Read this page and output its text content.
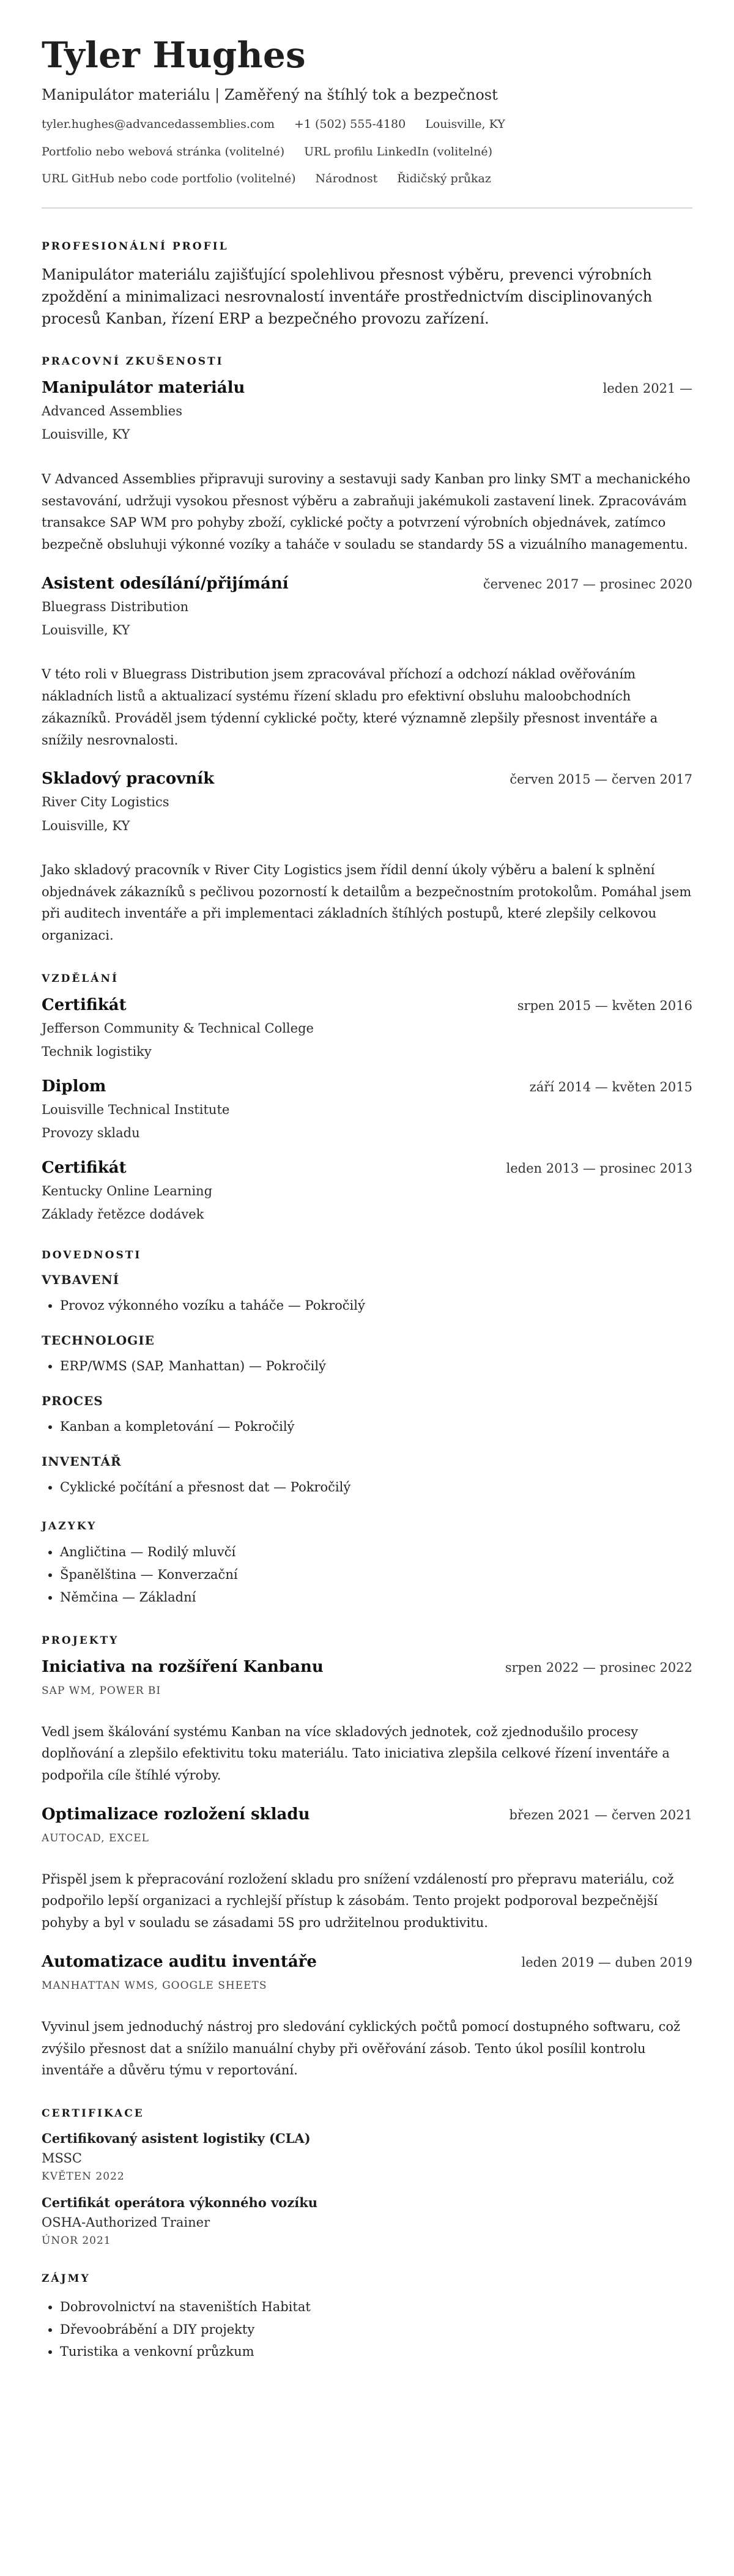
Tyler Hughes
Manipulátor materiálu | Zaměřený na štíhlý tok a bezpečnost
tyler.hughes@advancedassemblies.com +1 (502) 555-4180 Louisville, KY
Portfolio nebo webová stránka (volitelné) URL profilu LinkedIn (volitelné)
URL GitHub nebo code portfolio (volitelné) Národnost Řidičský průkaz
PROFESIONÁLNÍ PROFIL

Manipulátor materiálu zajišťující spolehlivou přesnost výběru, prevenci výrobních zpoždění a minimalizaci nesrovnalostí inventáře prostřednictvím disciplinovaných procesů Kanban, řízení ERP a bezpečného provozu zařízení.

PRACOVNÍ ZKUŠENOSTI
Manipulátor materiálu	leden 2021 —
Advanced Assemblies
Louisville, KY
V Advanced Assemblies připravuji suroviny a sestavuji sady Kanban pro linky SMT a mechanického sestavování, udržuji vysokou přesnost výběru a zabraňuji jakémukoli zastavení linek. Zpracovávám transakce SAP WM pro pohyby zboží, cyklické počty a potvrzení výrobních objednávek, zatímco bezpečně obsluhuji výkonné vozíky a taháče v souladu se standardy 5S a vizuálního managementu.
Asistent odesílání/přijímání	červenec 2017 — prosinec 2020
Bluegrass Distribution
Louisville, KY
V této roli v Bluegrass Distribution jsem zpracovával příchozí a odchozí náklad ověřováním nákladních listů a aktualizací systému řízení skladu pro efektivní obsluhu maloobchodních zákazníků. Prováděl jsem týdenní cyklické počty, které významně zlepšily přesnost inventáře a snížily nesrovnalosti.
Skladový pracovník	červen 2015 — červen 2017
River City Logistics
Louisville, KY
Jako skladový pracovník v River City Logistics jsem řídil denní úkoly výběru a balení k splnění objednávek zákazníků s pečlivou pozorností k detailům a bezpečnostním protokolům. Pomáhal jsem při auditech inventáře a při implementaci základních štíhlých postupů, které zlepšily celkovou organizaci.
VZDĚLÁNÍ
Certifikát	srpen 2015 — květen 2016
Jefferson Community & Technical College
Technik logistiky
Diplom	září 2014 — květen 2015
Louisville Technical Institute
Provozy skladu
Certifikát	leden 2013 — prosinec 2013
Kentucky Online Learning
Základy řetězce dodávek
DOVEDNOSTI
VYBAVENÍ
• Provoz výkonného vozíku a taháče — Pokročilý
TECHNOLOGIE
• ERP/WMS (SAP, Manhattan) — Pokročilý
PROCES
• Kanban a kompletování — Pokročilý
INVENTÁŘ
• Cyklické počítání a přesnost dat — Pokročilý
JAZYKY
• Angličtina — Rodilý mluvčí
• Španělština — Konverzační
• Němčina — Základní
PROJEKTY
Iniciativa na rozšíření Kanbanu	srpen 2022 — prosinec 2022
SAP WM, POWER BI
Vedl jsem škálování systému Kanban na více skladových jednotek, což zjednodušilo procesy doplňování a zlepšilo efektivitu toku materiálu. Tato iniciativa zlepšila celkové řízení inventáře a podpořila cíle štíhlé výroby.
Optimalizace rozložení skladu	březen 2021 — červen 2021
AUTOCAD, EXCEL
Přispěl jsem k přepracování rozložení skladu pro snížení vzdáleností pro přepravu materiálu, což podpořilo lepší organizaci a rychlejší přístup k zásobám. Tento projekt podporoval bezpečnější pohyby a byl v souladu se zásadami 5S pro udržitelnou produktivitu.
Automatizace auditu inventáře	leden 2019 — duben 2019
MANHATTAN WMS, GOOGLE SHEETS
Vyvinul jsem jednoduchý nástroj pro sledování cyklických počtů pomocí dostupného softwaru, což zvýšilo přesnost dat a snížilo manuální chyby při ověřování zásob. Tento úkol posílil kontrolu inventáře a důvěru týmu v reportování.
CERTIFIKACE
Certifikovaný asistent logistiky (CLA)
MSSC
KVĚTEN 2022
Certifikát operátora výkonného vozíku
OSHA-Authorized Trainer
ÚNOR 2021
ZÁJMY
• Dobrovolnictví na staveništích Habitat
• Dřevoobrábění a DIY projekty
• Turistika a venkovní průzkum
